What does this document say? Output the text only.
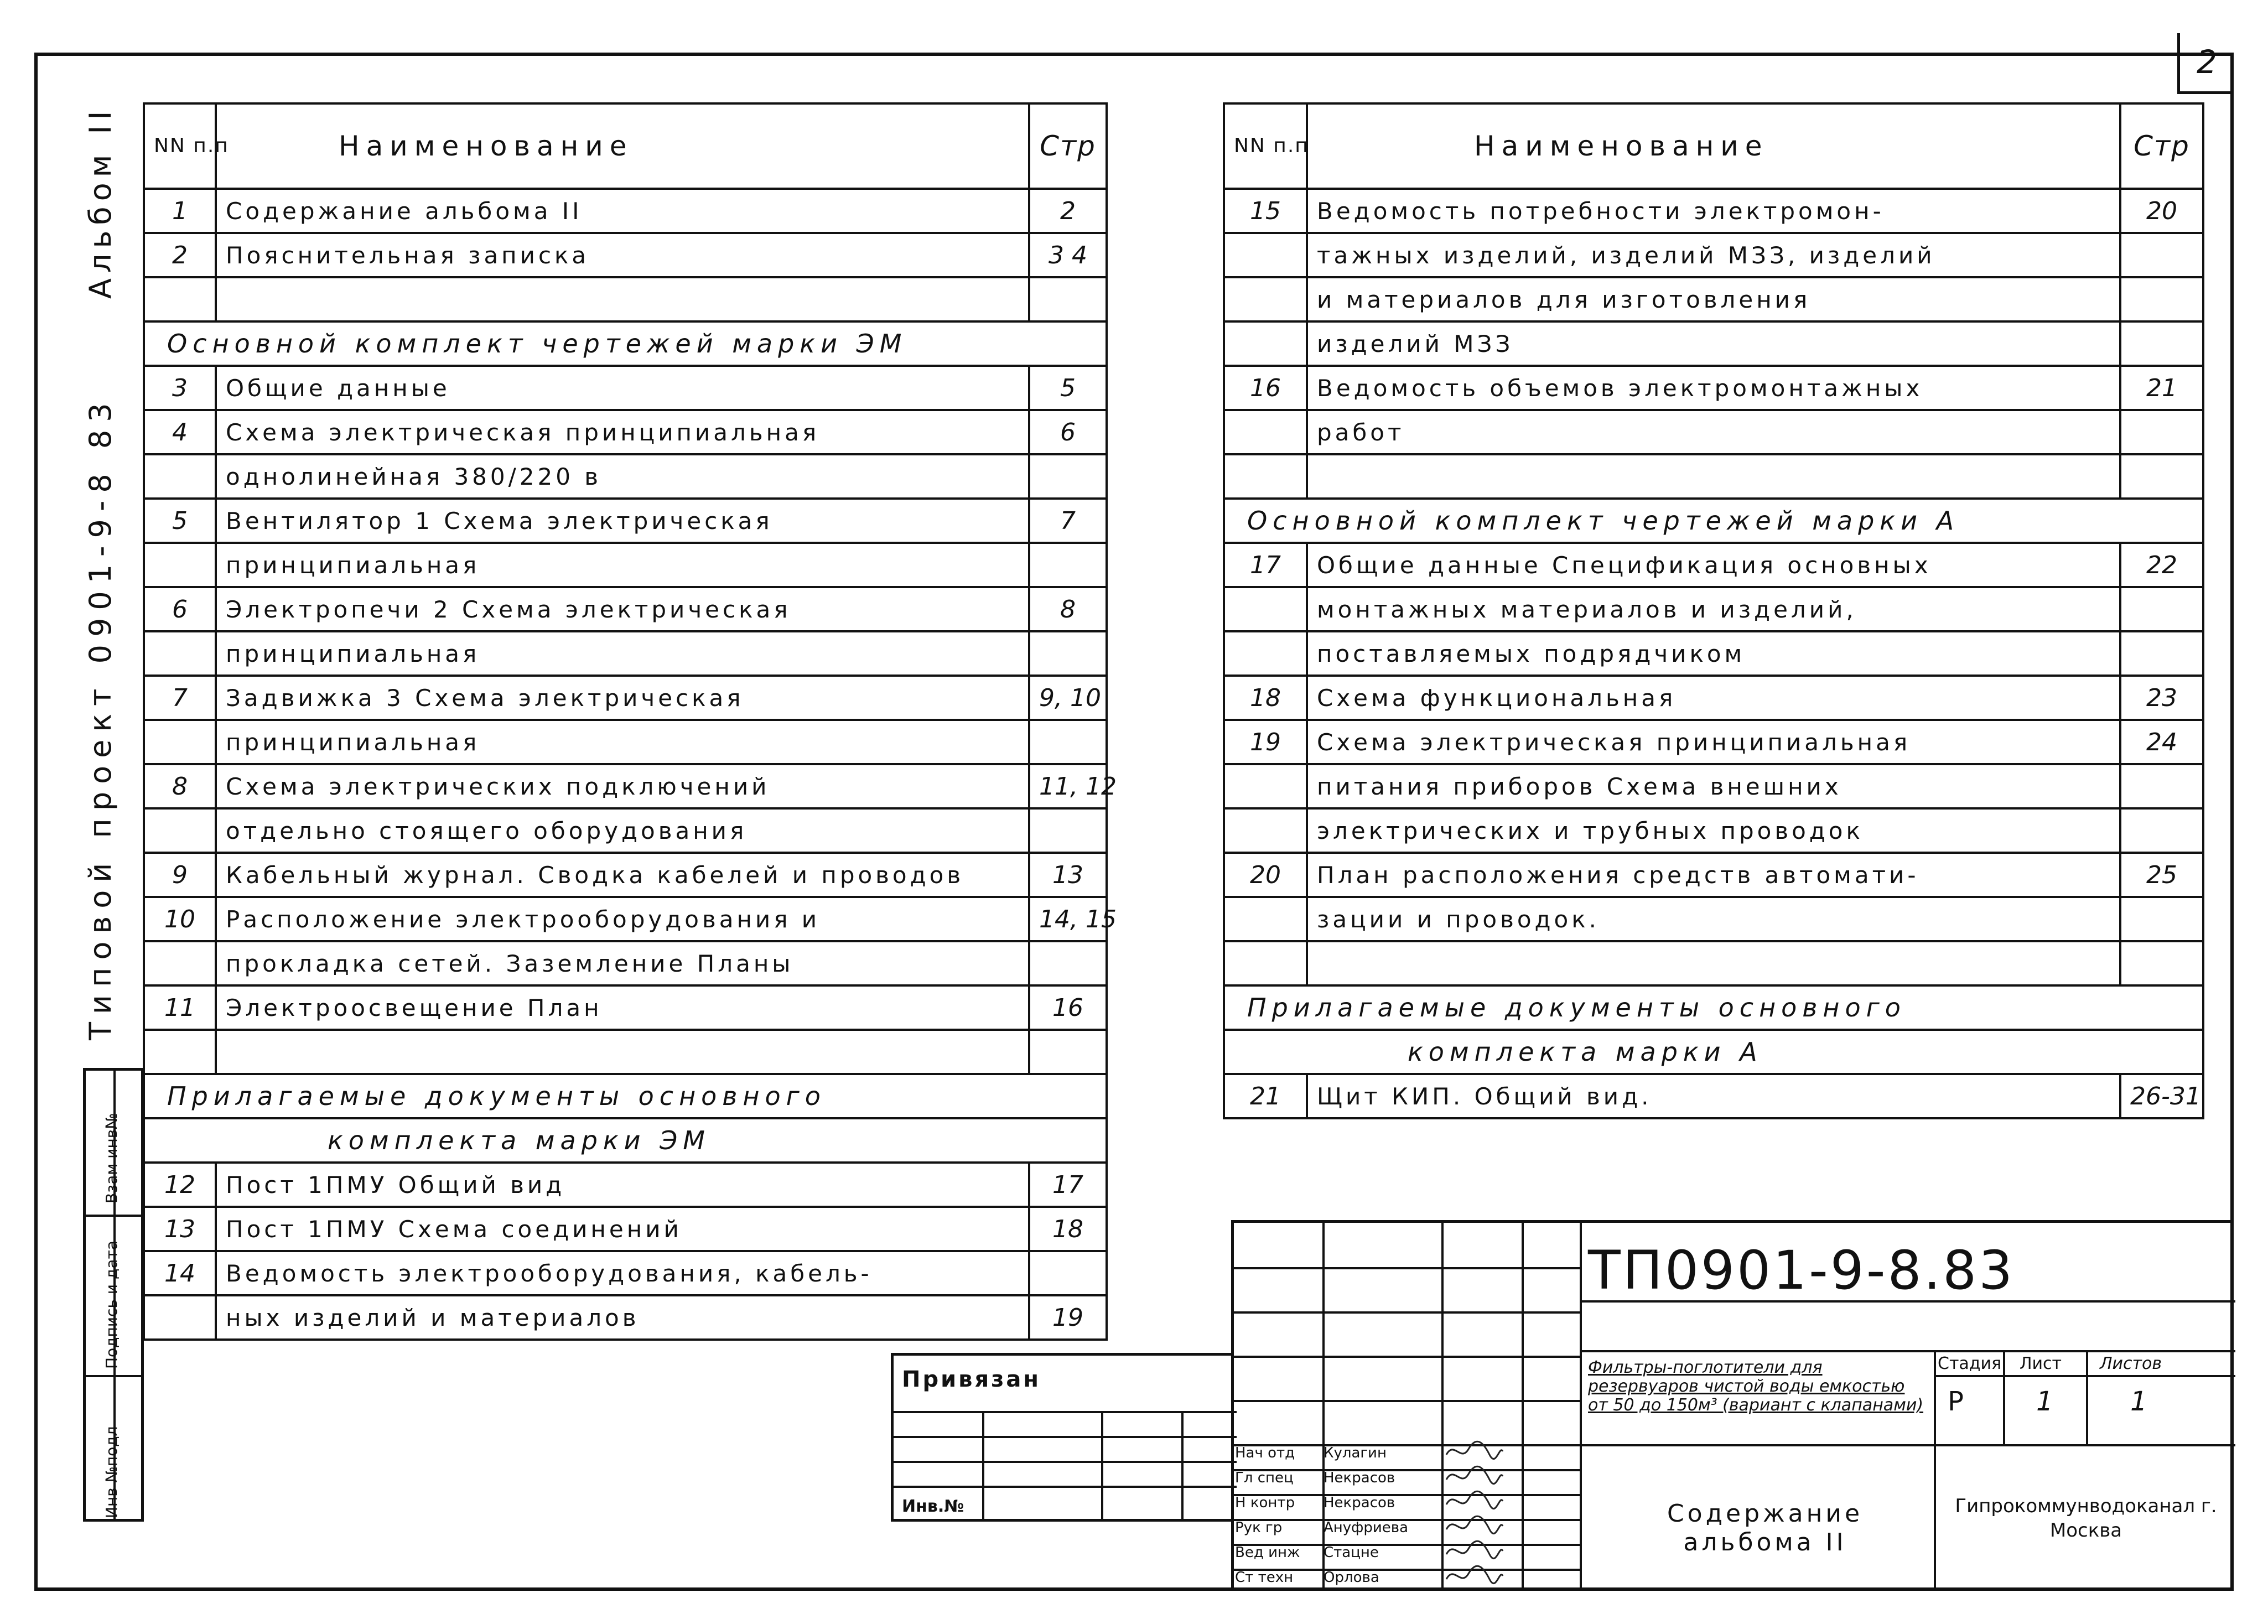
2
Альбом II
Типовой проект 0901-9-8 83
Взам инв№
Подпись и дата
Инв №подл
NN п.п	Наименование	Стр
1	Содержание альбома II	2
2	Пояснительная записка	3 4

Основной комплект чертежей марки ЭМ		
3	Общие данные	5
4	Схема электрическая принципиальная	6
	однолинейная 380/220 в	
5	Вентилятор 1 Схема электрическая	7
	принципиальная	
6	Электропечи 2 Схема электрическая	8
	принципиальная	
7	Задвижка 3 Схема электрическая	9, 10
	принципиальная	
8	Схема электрических подключений	11, 12
	отдельно стоящего оборудования	
9	Кабельный журнал. Сводка кабелей и проводов	13
10	Расположение электрооборудования и	14, 15
	прокладка сетей. Заземление Планы	
11	Электроосвещение План	16

Прилагаемые документы основного		
комплекта марки ЭМ		
12	Пост 1ПМУ Общий вид	17
13	Пост 1ПМУ Схема соединений	18
14	Ведомость электрооборудования, кабель-	
	ных изделий и материалов	19
NN п.п	Наименование	Стр
15	Ведомость потребности электромон-	20
	тажных изделий, изделий МЗЗ, изделий	
	и материалов для изготовления	
	изделий МЗЗ	
16	Ведомость объемов электромонтажных	21
	работ	

Основной комплект чертежей марки А		
17	Общие данные Спецификация основных	22
	монтажных материалов и изделий,	
	поставляемых подрядчиком	
18	Схема функциональная	23
19	Схема электрическая принципиальная	24
	питания приборов Схема внешних	
	электрических и трубных проводок	
20	План расположения средств автомати-	25
	зации и проводок.	

Прилагаемые документы основного		
комплекта марки А		
21	Щит КИП. Общий вид.	26-31
ТП0901-9-8.83
Фильтры-поглотители для резервуаров чистой воды емкостью от 50 до 150м³ (вариант с клапанами)
Стадия Лист Листов
Р	1	1
Содержание альбома II
Гипрокоммунводоканал г. Москва
Привязан
Инв.№
Нач отд Кулагин
Гл спец Некрасов
Н контр Некрасов
Рук гр	Ануфриева
Вед инж Стацне
Ст техн Орлова
